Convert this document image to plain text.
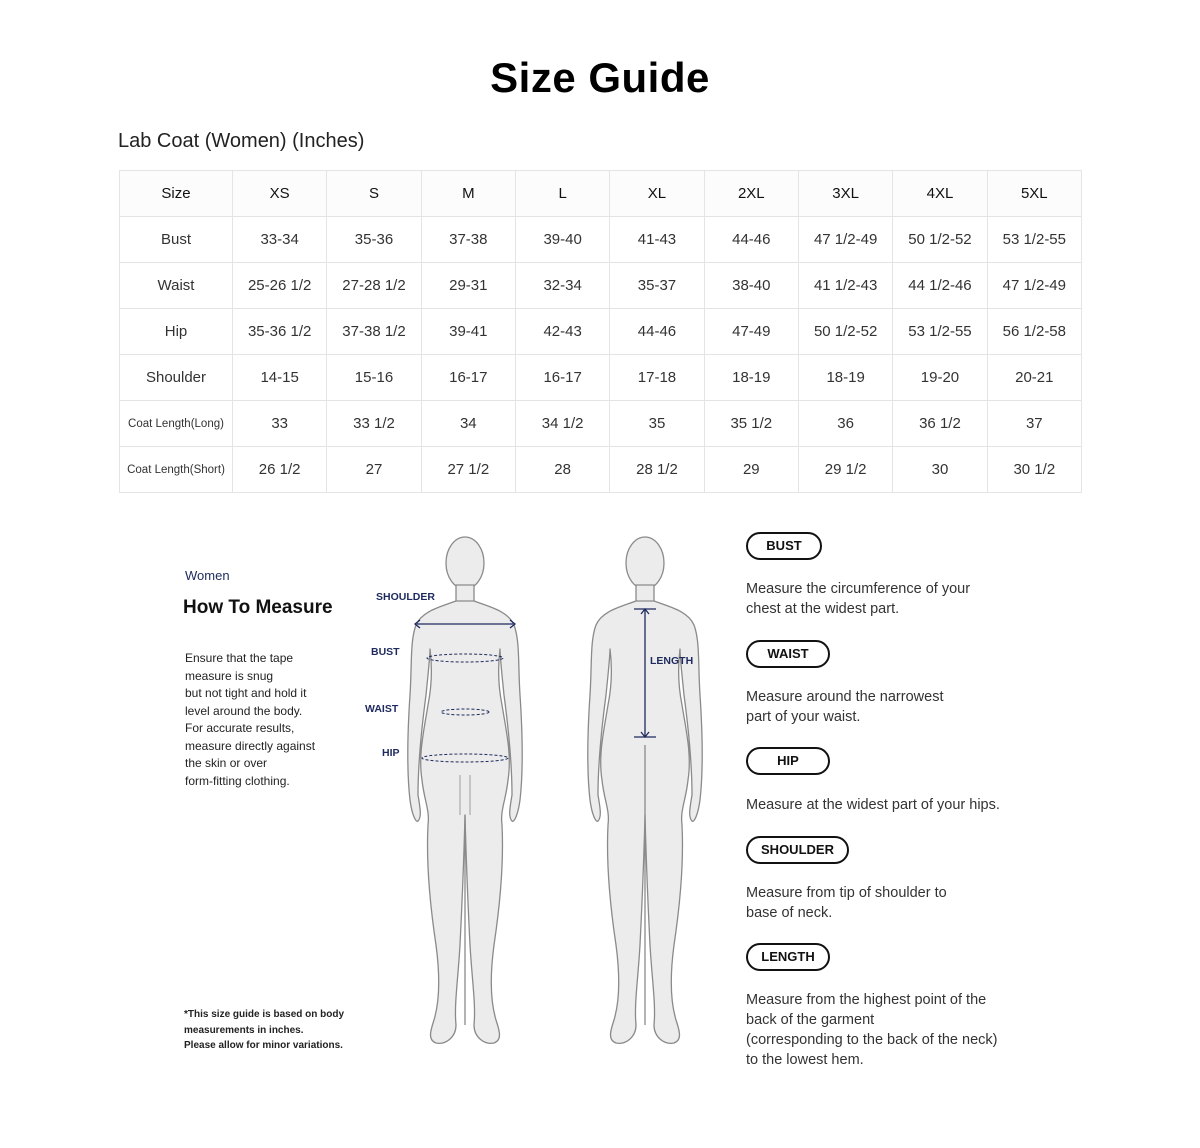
Size Guide
Lab Coat (Women) (Inches)
Size	XS	S	M	L	XL	2XL	3XL	4XL	5XL
Bust	33-34	35-36	37-38	39-40	41-43	44-46	47 1/2-49	50 1/2-52	53 1/2-55
Waist	25-26 1/2	27-28 1/2	29-31	32-34	35-37	38-40	41 1/2-43	44 1/2-46	47 1/2-49
Hip	35-36 1/2	37-38 1/2	39-41	42-43	44-46	47-49	50 1/2-52	53 1/2-55	56 1/2-58
Shoulder	14-15	15-16	16-17	16-17	17-18	18-19	18-19	19-20	20-21
Coat Length(Long)	33	33 1/2	34	34 1/2	35	35 1/2	36	36 1/2	37
Coat Length(Short)	26 1/2	27	27 1/2	28	28 1/2	29	29 1/2	30	30 1/2
Women
How To Measure
Ensure that the tape
measure is snug
but not tight and hold it
level around the body.
For accurate results,
measure directly against
the skin or over
form-fitting clothing.
*This size guide is based on body
measurements in inches.
Please allow for minor variations.
SHOULDER
BUST
WAIST
HIP
LENGTH
BUST
Measure the circumference of your
chest at the widest part.
WAIST
Measure around the narrowest
part of your waist.
HIP
Measure at the widest part of your hips.
SHOULDER
Measure from tip of shoulder to
base of neck.
LENGTH
Measure from the highest point of the
back of the garment
(corresponding to the back of the neck)
to the lowest hem.
